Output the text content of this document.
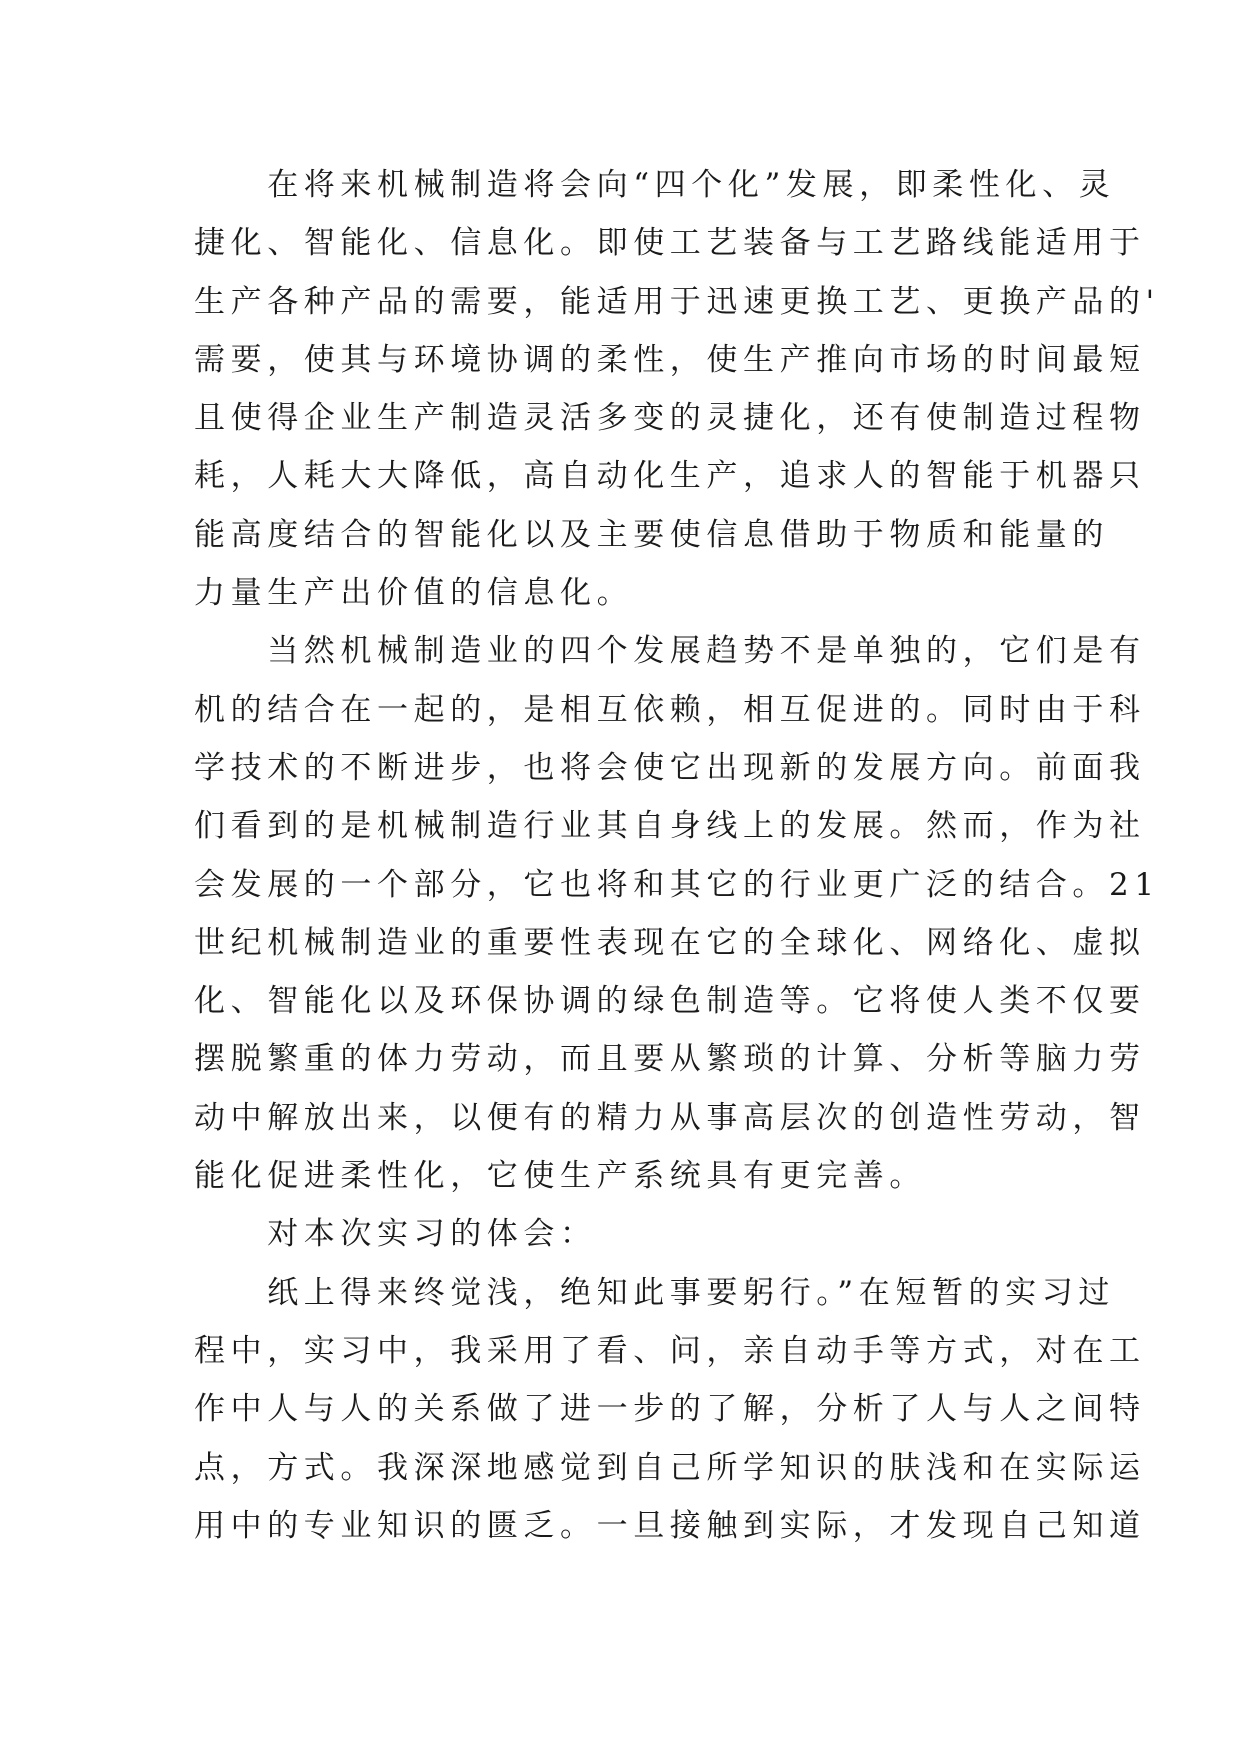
　　在将来机械制造将会向“四个化”发展，即柔性化、灵
捷化、智能化、信息化。即使工艺装备与工艺路线能适用于
生产各种产品的需要，能适用于迅速更换工艺、更换产品的'
需要，使其与环境协调的柔性，使生产推向市场的时间最短
且使得企业生产制造灵活多变的灵捷化，还有使制造过程物
耗，人耗大大降低，高自动化生产，追求人的智能于机器只
能高度结合的智能化以及主要使信息借助于物质和能量的
力量生产出价值的信息化。
　　当然机械制造业的四个发展趋势不是单独的，它们是有
机的结合在一起的，是相互依赖，相互促进的。同时由于科
学技术的不断进步，也将会使它出现新的发展方向。前面我
们看到的是机械制造行业其自身线上的发展。然而，作为社
会发展的一个部分，它也将和其它的行业更广泛的结合。21
世纪机械制造业的重要性表现在它的全球化、网络化、虚拟
化、智能化以及环保协调的绿色制造等。它将使人类不仅要
摆脱繁重的体力劳动，而且要从繁琐的计算、分析等脑力劳
动中解放出来，以便有的精力从事高层次的创造性劳动，智
能化促进柔性化，它使生产系统具有更完善。
　　对本次实习的体会：
　　纸上得来终觉浅，绝知此事要躬行。”在短暂的实习过
程中，实习中，我采用了看、问，亲自动手等方式，对在工
作中人与人的关系做了进一步的了解，分析了人与人之间特
点，方式。我深深地感觉到自己所学知识的肤浅和在实际运
用中的专业知识的匮乏。一旦接触到实际，才发现自己知道
